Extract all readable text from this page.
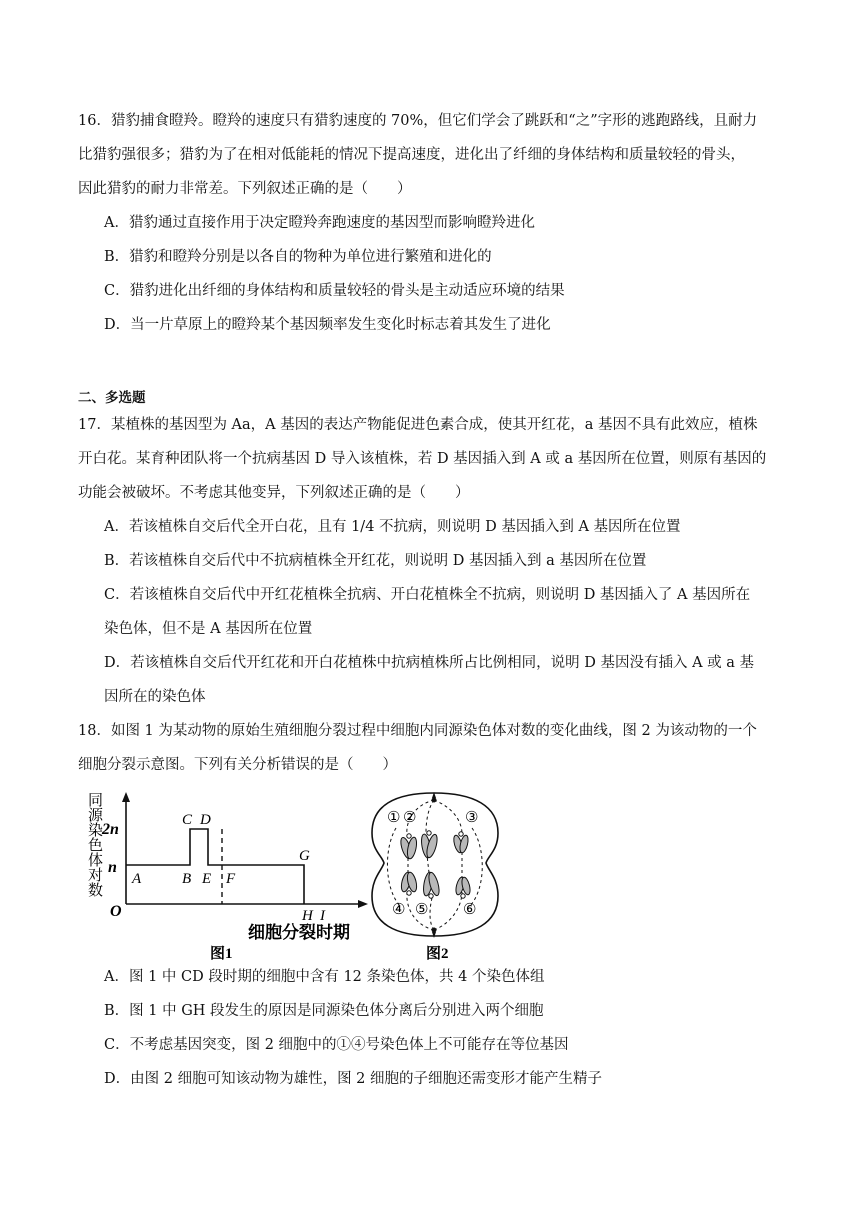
16．猎豹捕食瞪羚。瞪羚的速度只有猎豹速度的 70%，但它们学会了跳跃和“之”字形的逃跑路线，且耐力
比猎豹强很多；猎豹为了在相对低能耗的情况下提高速度，进化出了纤细的身体结构和质量较轻的骨头，
因此猎豹的耐力非常差。下列叙述正确的是（　　）
A．猎豹通过直接作用于决定瞪羚奔跑速度的基因型而影响瞪羚进化
B．猎豹和瞪羚分别是以各自的物种为单位进行繁殖和进化的
C．猎豹进化出纤细的身体结构和质量较轻的骨头是主动适应环境的结果
D．当一片草原上的瞪羚某个基因频率发生变化时标志着其发生了进化
二、多选题
17．某植株的基因型为 Aa，A 基因的表达产物能促进色素合成，使其开红花，a 基因不具有此效应，植株
开白花。某育种团队将一个抗病基因 D 导入该植株，若 D 基因插入到 A 或 a 基因所在位置，则原有基因的
功能会被破坏。不考虑其他变异，下列叙述正确的是（　　）
A．若该植株自交后代全开白花，且有 1/4 不抗病，则说明 D 基因插入到 A 基因所在位置
B．若该植株自交后代中不抗病植株全开红花，则说明 D 基因插入到 a 基因所在位置
C．若该植株自交后代中开红花植株全抗病、开白花植株全不抗病，则说明 D 基因插入了 A 基因所在
染色体，但不是 A 基因所在位置
D．若该植株自交后代开红花和开白花植株中抗病植株所占比例相同，说明 D 基因没有插入 A 或 a 基
因所在的染色体
18．如图 1 为某动物的原始生殖细胞分裂过程中细胞内同源染色体对数的变化曲线，图 2 为该动物的一个
细胞分裂示意图。下列有关分析错误的是（　　）
同源染色体对数 2n
n
O
A	B
C D
E F
G
H I
细胞分裂时期
图1
① ②	③
④ ⑤ ⑥
图2
A．图 1 中 CD 段时期的细胞中含有 12 条染色体，共 4 个染色体组
B．图 1 中 GH 段发生的原因是同源染色体分离后分别进入两个细胞
C．不考虑基因突变，图 2 细胞中的①④号染色体上不可能存在等位基因
D．由图 2 细胞可知该动物为雄性，图 2 细胞的子细胞还需变形才能产生精子
